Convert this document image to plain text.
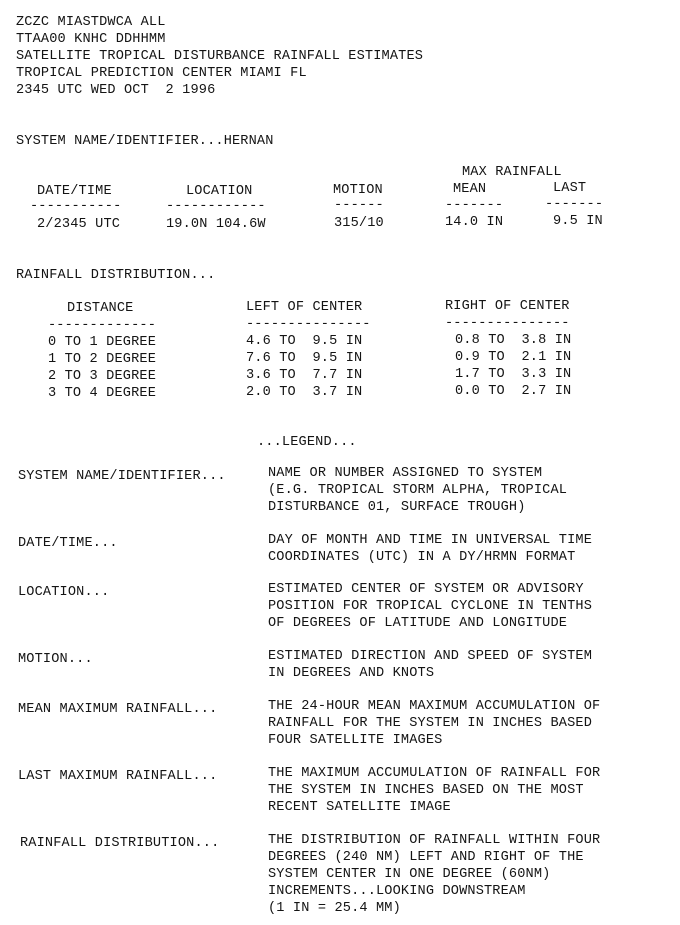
ZCZC MIASTDWCA ALL
TTAA00 KNHC DDHHMM
SATELLITE TROPICAL DISTURBANCE RAINFALL ESTIMATES
TROPICAL PREDICTION CENTER MIAMI FL
2345 UTC WED OCT  2 1996
SYSTEM NAME/IDENTIFIER...HERNAN
MAX RAINFALL
DATE/TIME	LOCATION	MOTION	MEAN	LAST
-----------	------------	------	-------	-------
2/2345 UTC	19.0N 104.6W	315/10	14.0 IN	9.5 IN
RAINFALL DISTRIBUTION...
DISTANCE	LEFT OF CENTER	RIGHT OF CENTER
-------------	---------------	---------------
0 TO 1 DEGREE	4.6 TO  9.5 IN	0.8 TO  3.8 IN
1 TO 2 DEGREE	7.6 TO  9.5 IN	0.9 TO  2.1 IN
2 TO 3 DEGREE	3.6 TO  7.7 IN	1.7 TO  3.3 IN
3 TO 4 DEGREE	2.0 TO  3.7 IN	0.0 TO  2.7 IN
...LEGEND...
SYSTEM NAME/IDENTIFIER...	NAME OR NUMBER ASSIGNED TO SYSTEM
(E.G. TROPICAL STORM ALPHA, TROPICAL
DISTURBANCE 01, SURFACE TROUGH)
DATE/TIME...	DAY OF MONTH AND TIME IN UNIVERSAL TIME
COORDINATES (UTC) IN A DY/HRMN FORMAT
LOCATION...	ESTIMATED CENTER OF SYSTEM OR ADVISORY
POSITION FOR TROPICAL CYCLONE IN TENTHS
OF DEGREES OF LATITUDE AND LONGITUDE
MOTION...	ESTIMATED DIRECTION AND SPEED OF SYSTEM
IN DEGREES AND KNOTS
MEAN MAXIMUM RAINFALL...	THE 24-HOUR MEAN MAXIMUM ACCUMULATION OF
RAINFALL FOR THE SYSTEM IN INCHES BASED
FOUR SATELLITE IMAGES
LAST MAXIMUM RAINFALL...	THE MAXIMUM ACCUMULATION OF RAINFALL FOR
THE SYSTEM IN INCHES BASED ON THE MOST
RECENT SATELLITE IMAGE
RAINFALL DISTRIBUTION...	THE DISTRIBUTION OF RAINFALL WITHIN FOUR
DEGREES (240 NM) LEFT AND RIGHT OF THE
SYSTEM CENTER IN ONE DEGREE (60NM)
INCREMENTS...LOOKING DOWNSTREAM
(1 IN = 25.4 MM)
